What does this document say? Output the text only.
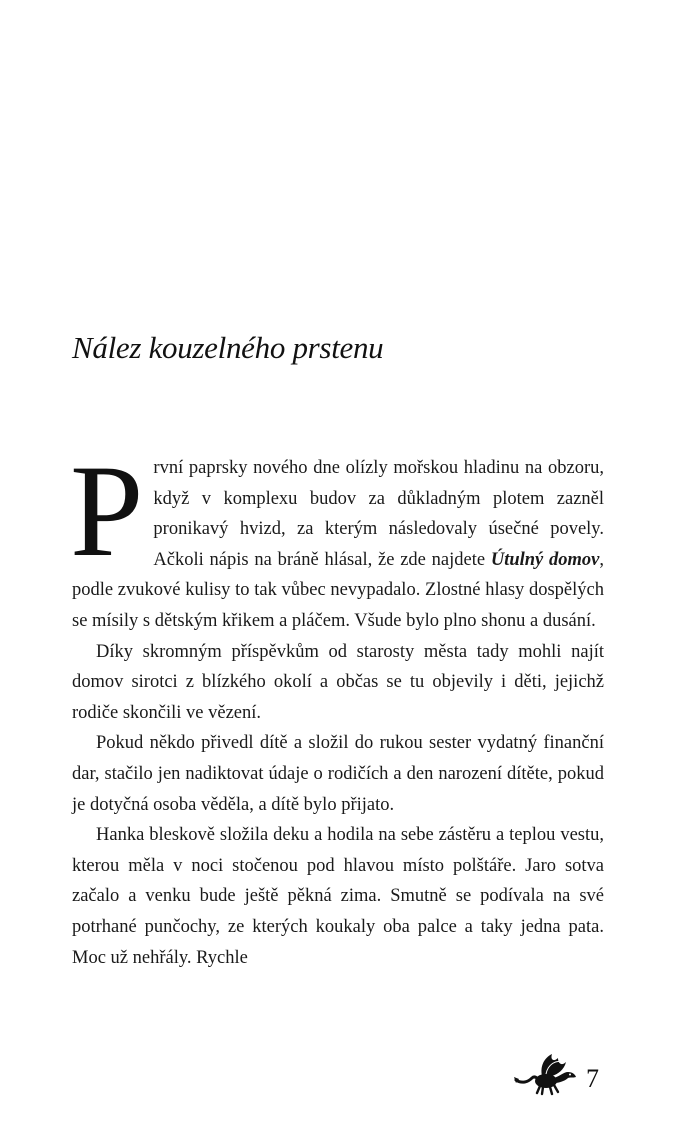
Nález kouzelného prstenu

První paprsky nového dne olízly mořskou hladinu na obzoru, když v komplexu budov za důkladným plotem zazněl pronikavý hvizd, za kterým následovaly úsečné povely. Ačkoli nápis na bráně hlásal, že zde najdete Útulný domov, podle zvukové kulisy to tak vůbec nevypadalo. Zlostné hlasy dospělých se mísily s dětským křikem a pláčem. Všude bylo plno shonu a dusání.

Díky skromným příspěvkům od starosty města tady mohli najít domov sirotci z blízkého okolí a občas se tu objevily i děti, jejichž rodiče skončili ve vězení.

Pokud někdo přivedl dítě a složil do rukou sester vydatný finanční dar, stačilo jen nadiktovat údaje o rodičích a den narození dítěte, pokud je dotyčná osoba věděla, a dítě bylo přijato.

Hanka bleskově složila deku a hodila na sebe zástěru a teplou vestu, kterou měla v noci stočenou pod hlavou místo polštáře. Jaro sotva začalo a venku bude ještě pěkná zima. Smutně se podívala na své potrhané punčochy, ze kterých koukaly oba palce a taky jedna pata. Moc už nehřály. Rychle

7
